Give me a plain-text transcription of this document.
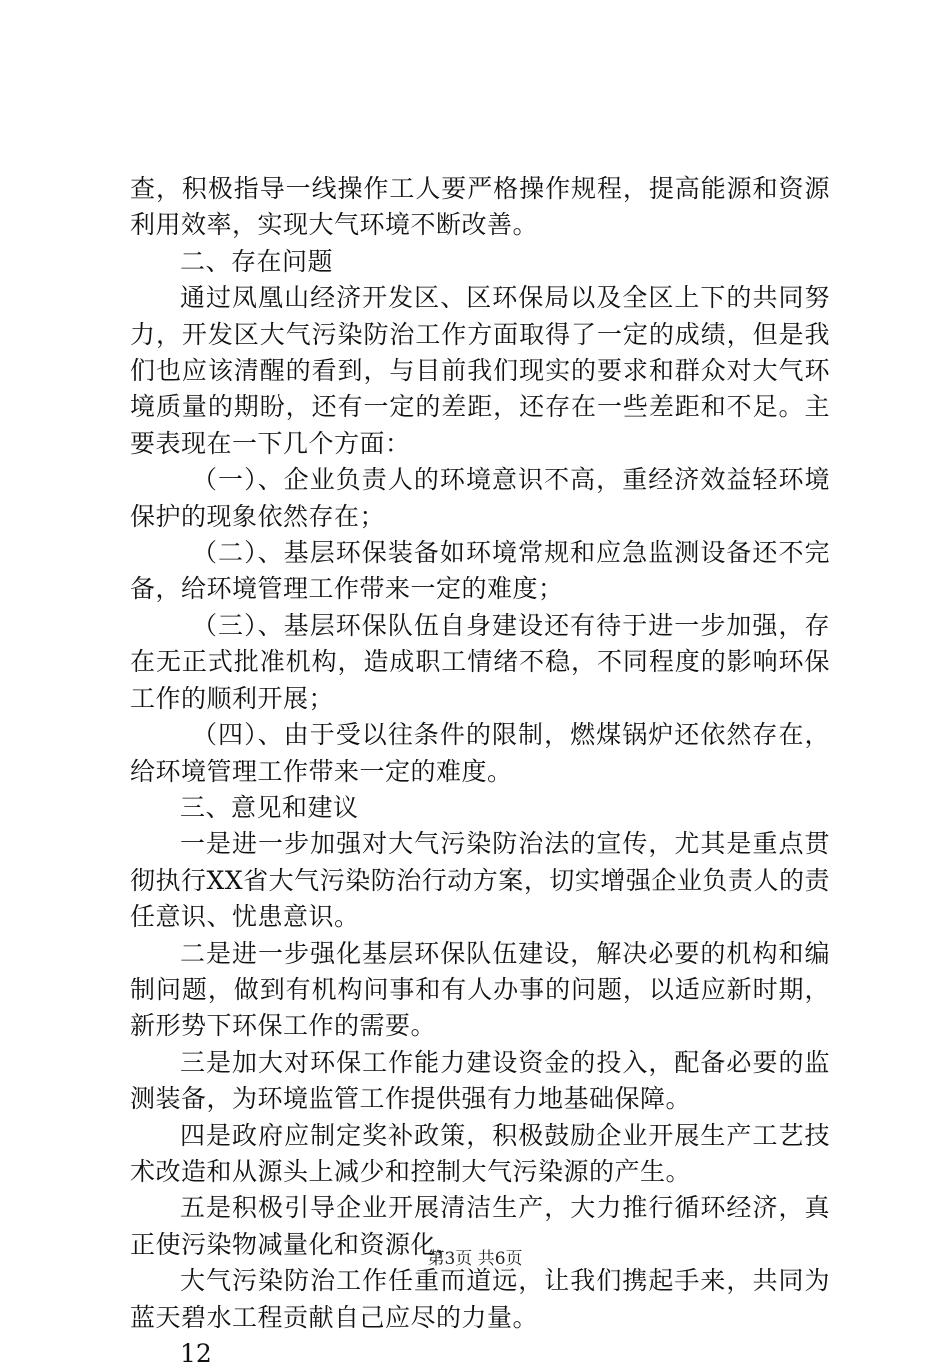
查，积极指导一线操作工人要严格操作规程，提高能源和资源利用效率，实现大气环境不断改善。

二、存在问题

通过凤凰山经济开发区、区环保局以及全区上下的共同努力，开发区大气污染防治工作方面取得了一定的成绩，但是我们也应该清醒的看到，与目前我们现实的要求和群众对大气环境质量的期盼，还有一定的差距，还存在一些差距和不足。主要表现在一下几个方面：

（一）、企业负责人的环境意识不高，重经济效益轻环境保护的现象依然存在；

（二）、基层环保装备如环境常规和应急监测设备还不完备，给环境管理工作带来一定的难度；

（三）、基层环保队伍自身建设还有待于进一步加强，存在无正式批准机构，造成职工情绪不稳，不同程度的影响环保工作的顺利开展；

（四）、由于受以往条件的限制，燃煤锅炉还依然存在，给环境管理工作带来一定的难度。

三、意见和建议

一是进一步加强对大气污染防治法的宣传，尤其是重点贯彻执行XX省大气污染防治行动方案，切实增强企业负责人的责任意识、忧患意识。

二是进一步强化基层环保队伍建设，解决必要的机构和编制问题，做到有机构问事和有人办事的问题，以适应新时期，新形势下环保工作的需要。

三是加大对环保工作能力建设资金的投入，配备必要的监测装备，为环境监管工作提供强有力地基础保障。

四是政府应制定奖补政策，积极鼓励企业开展生产工艺技术改造和从源头上减少和控制大气污染源的产生。

五是积极引导企业开展清洁生产，大力推行循环经济，真正使污染物减量化和资源化，

大气污染防治工作任重而道远，让我们携起手来，共同为蓝天碧水工程贡献自己应尽的力量。

12

第3页 共6页
